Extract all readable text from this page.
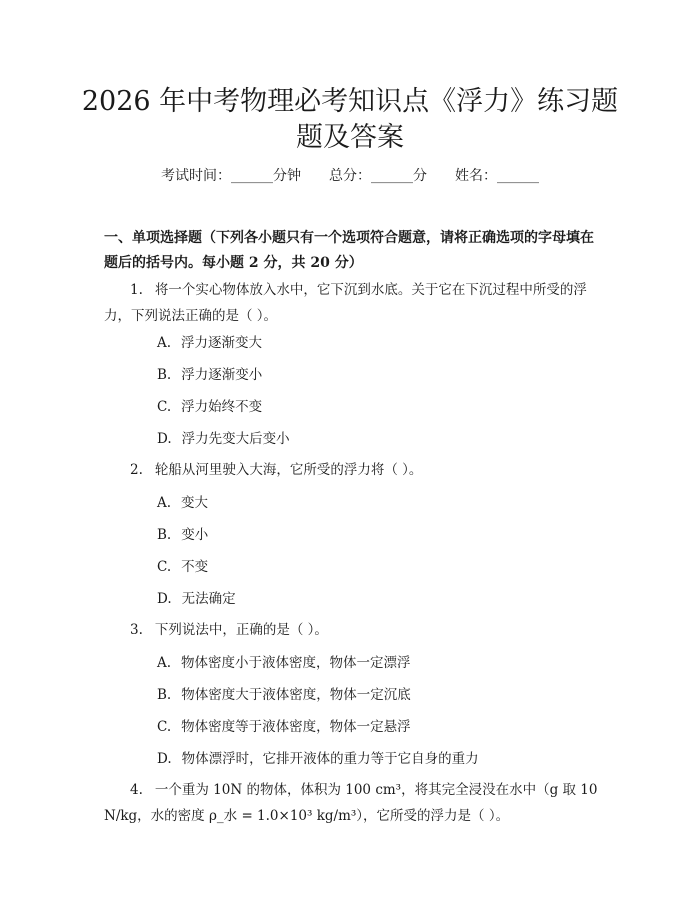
2026 年中考物理必考知识点《浮力》练习题
题及答案
考试时间：______分钟 总分：______分 姓名：______
一、单项选择题（下列各小题只有一个选项符合题意，请将正确选项的字母填在题后的括号内。每小题 2 分，共 20 分）
1. 将一个实心物体放入水中，它下沉到水底。关于它在下沉过程中所受的浮力，下列说法正确的是（ ）。
A. 浮力逐渐变大
B. 浮力逐渐变小
C. 浮力始终不变
D. 浮力先变大后变小
2. 轮船从河里驶入大海，它所受的浮力将（ ）。
A. 变大
B. 变小
C. 不变
D. 无法确定
3. 下列说法中，正确的是（ ）。
A. 物体密度小于液体密度，物体一定漂浮
B. 物体密度大于液体密度，物体一定沉底
C. 物体密度等于液体密度，物体一定悬浮
D. 物体漂浮时，它排开液体的重力等于它自身的重力
4. 一个重为 10N 的物体，体积为 100 cm³，将其完全浸没在水中（g 取 10 N/kg，水的密度 ρ_水 = 1.0×10³ kg/m³），它所受的浮力是（ ）。
